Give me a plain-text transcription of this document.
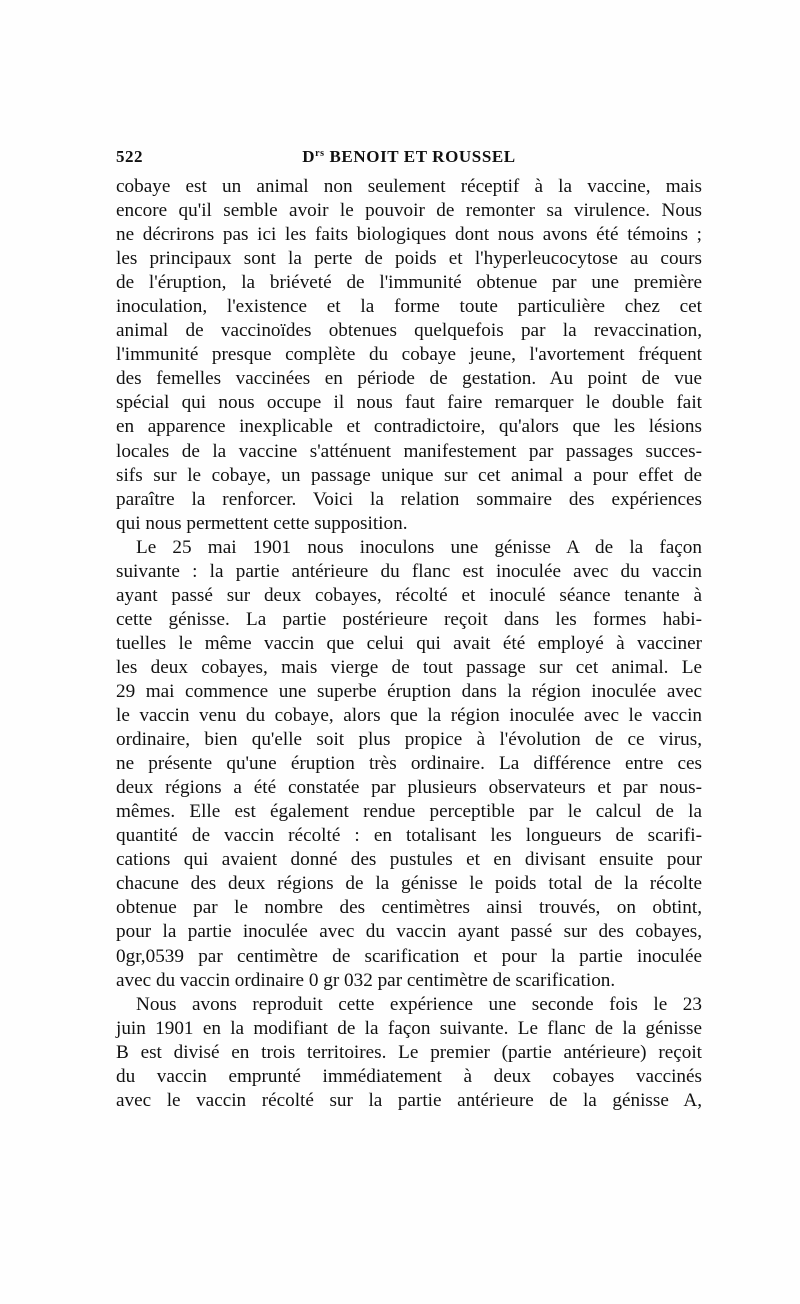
522	$D^{rs}$ BENOIT ET ROUSSEL

cobaye est un animal non seulement réceptif à la vaccine, mais
encore qu'il semble avoir le pouvoir de remonter sa virulence. Nous
ne décrirons pas ici les faits biologiques dont nous avons été témoins ;
les principaux sont la perte de poids et l'hyperleucocytose au cours
de l'éruption, la briéveté de l'immunité obtenue par une première
inoculation, l'existence et la forme toute particulière chez cet
animal de vaccinoïdes obtenues quelquefois par la revaccination,
l'immunité presque complète du cobaye jeune, l'avortement fréquent
des femelles vaccinées en période de gestation. Au point de vue
spécial qui nous occupe il nous faut faire remarquer le double fait
en apparence inexplicable et contradictoire, qu'alors que les lésions
locales de la vaccine s'atténuent manifestement par passages succes-
sifs sur le cobaye, un passage unique sur cet animal a pour effet de
paraître la renforcer. Voici la relation sommaire des expériences
qui nous permettent cette supposition.

Le 25 mai 1901 nous inoculons une génisse A de la façon
suivante : la partie antérieure du flanc est inoculée avec du vaccin
ayant passé sur deux cobayes, récolté et inoculé séance tenante à
cette génisse. La partie postérieure reçoit dans les formes habi-
tuelles le même vaccin que celui qui avait été employé à vacciner
les deux cobayes, mais vierge de tout passage sur cet animal. Le
29 mai commence une superbe éruption dans la région inoculée avec
le vaccin venu du cobaye, alors que la région inoculée avec le vaccin
ordinaire, bien qu'elle soit plus propice à l'évolution de ce virus,
ne présente qu'une éruption très ordinaire. La différence entre ces
deux régions a été constatée par plusieurs observateurs et par nous-
mêmes. Elle est également rendue perceptible par le calcul de la
quantité de vaccin récolté : en totalisant les longueurs de scarifi-
cations qui avaient donné des pustules et en divisant ensuite pour
chacune des deux régions de la génisse le poids total de la récolte
obtenue par le nombre des centimètres ainsi trouvés, on obtint,
pour la partie inoculée avec du vaccin ayant passé sur des cobayes,
0gr,0539 par centimètre de scarification et pour la partie inoculée
avec du vaccin ordinaire 0 gr 032 par centimètre de scarification.

Nous avons reproduit cette expérience une seconde fois le 23
juin 1901 en la modifiant de la façon suivante. Le flanc de la génisse
B est divisé en trois territoires. Le premier (partie antérieure) reçoit
du vaccin emprunté immédiatement à deux cobayes vaccinés
avec le vaccin récolté sur la partie antérieure de la génisse A,
